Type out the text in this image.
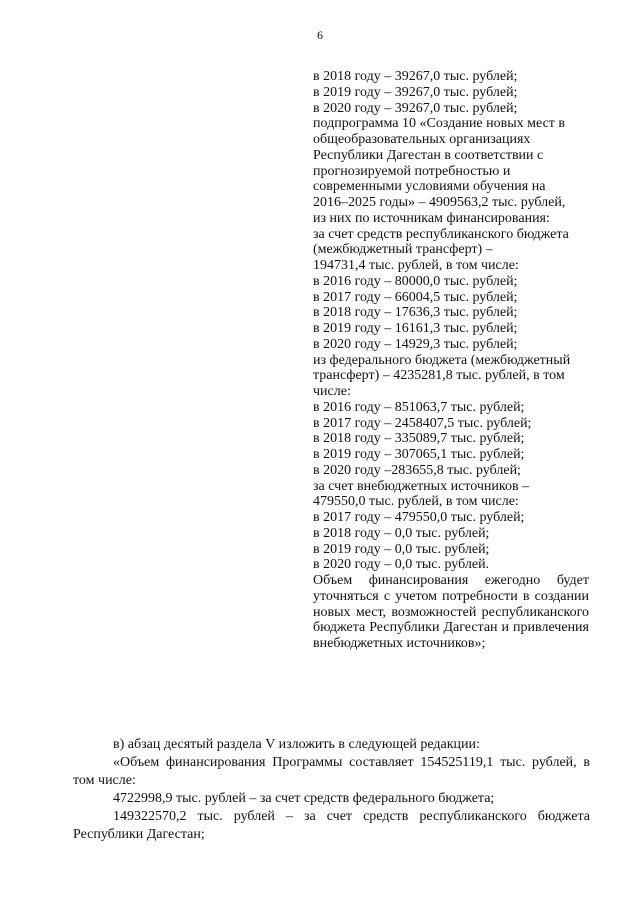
6
в 2018 году – 39267,0 тыс. рублей;
в 2019 году – 39267,0 тыс. рублей;
в 2020 году – 39267,0 тыс. рублей;
подпрограмма 10 «Создание новых мест в
общеобразовательных организациях
Республики Дагестан в соответствии с
прогнозируемой потребностью и
современными условиями обучения на
2016–2025 годы» – 4909563,2 тыс. рублей,
из них по источникам финансирования:
за счет средств республиканского бюджета
(межбюджетный трансферт) –
194731,4 тыс. рублей, в том числе:
в 2016 году – 80000,0 тыс. рублей;
в 2017 году – 66004,5 тыс. рублей;
в 2018 году – 17636,3 тыс. рублей;
в 2019 году – 16161,3 тыс. рублей;
в 2020 году – 14929,3 тыс. рублей;
из федерального бюджета (межбюджетный
трансферт) – 4235281,8 тыс. рублей, в том
числе:
в 2016 году – 851063,7 тыс. рублей;
в 2017 году – 2458407,5 тыс. рублей;
в 2018 году – 335089,7 тыс. рублей;
в 2019 году – 307065,1 тыс. рублей;
в 2020 году –283655,8 тыс. рублей;
за счет внебюджетных источников –
479550,0 тыс. рублей, в том числе:
в 2017 году – 479550,0 тыс. рублей;
в 2018 году – 0,0 тыс. рублей;
в 2019 году – 0,0 тыс. рублей;
в 2020 году – 0,0 тыс. рублей.
Объем финансирования ежегодно будет уточняться с учетом потребности в создании новых мест, возможностей республиканского бюджета Республики Дагестан и привлечения внебюджетных источников»;
в) абзац десятый раздела V изложить в следующей редакции:
«Объем финансирования Программы составляет 154525119,1 тыс. рублей, в том числе:
4722998,9 тыс. рублей – за счет средств федерального бюджета;
149322570,2 тыс. рублей – за счет средств республиканского бюджета Республики Дагестан;
